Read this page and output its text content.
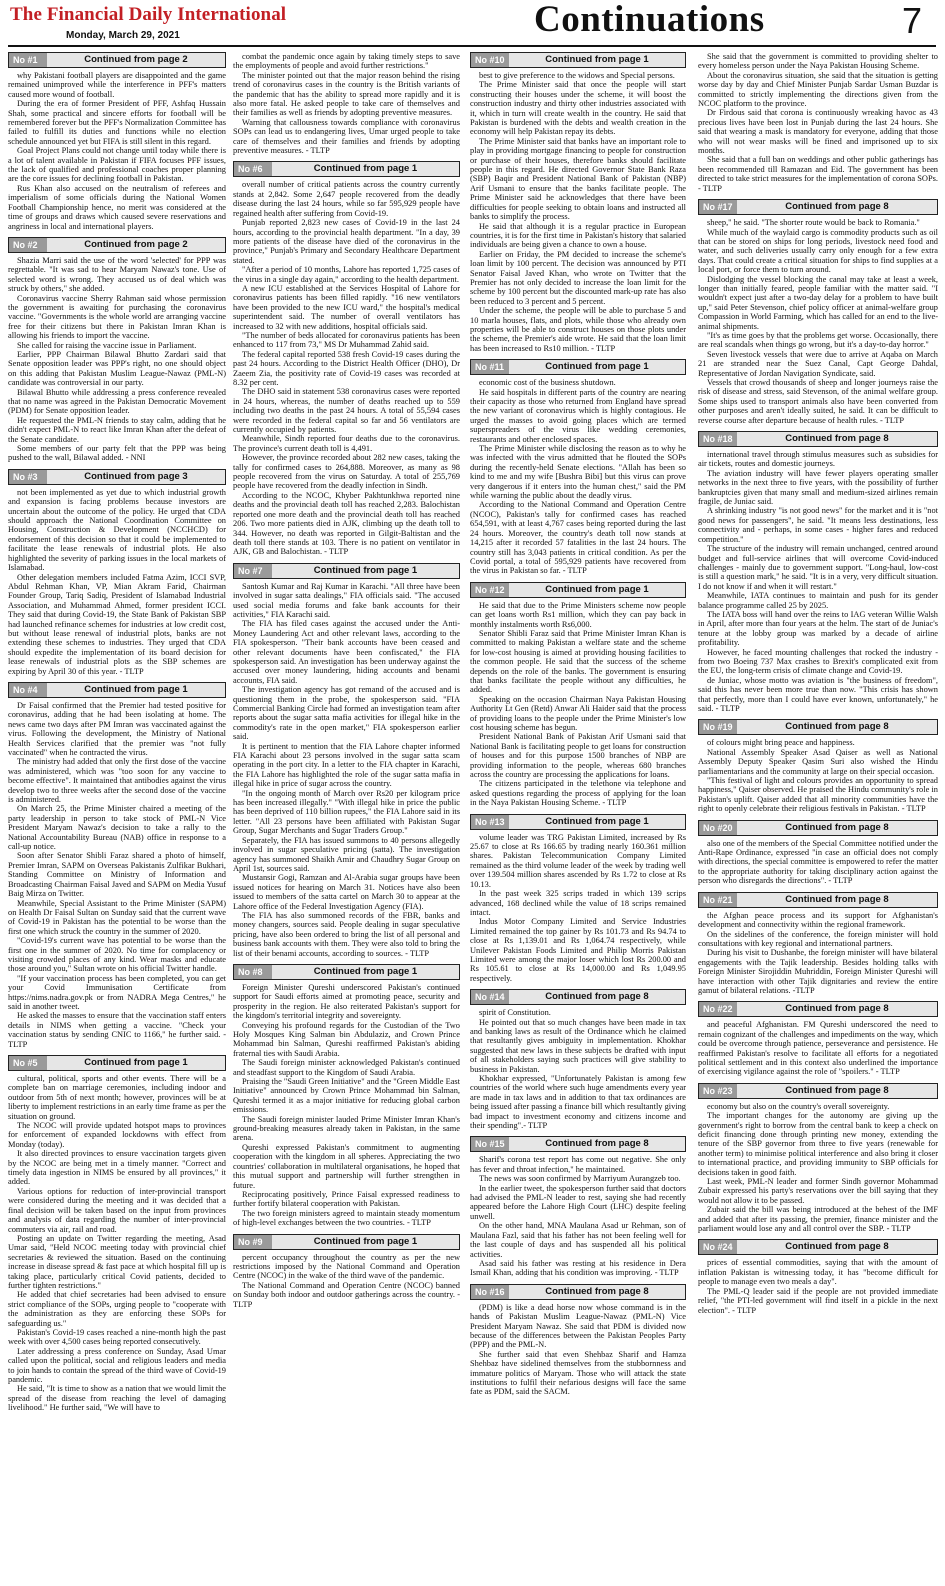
The Financial Daily International
Monday, March 29, 2021	Continuations	7
No #1	Continued from page 2

why Pakistani football players are disappointed and the game remained unimproved while the interference in PFF's matters caused more wound of football.

During the era of former President of PFF, Ashfaq Hussain Shah, some practical and sincere efforts for football will be remembered forever but the PFF's Normalization Committee has failed to fulfill its duties and functions while no election schedule announced yet but FIFA is still silent in this regard.

Goal Project Plans could not change until today while there is a lot of talent available in Pakistan if FIFA focuses PFF issues, the lack of qualified and professional coaches proper planning are the core issues for declining football in Pakistan.

Rus Khan also accused on the neutralism of referees and imperialism of some officials during the National Women Football Championship hence, no merit was considered at the time of groups and draws which caused severe reservations and angriness in local and international players.

No #2	Continued from page 2

Shazia Marri said the use of the word 'selected' for PPP was regrettable. "It was sad to hear Maryam Nawaz's tone. Use of selected word is wrong. They accused us of deal which was struck by others," she added.

Coronavirus vaccine Sherry Rahman said whose permission the government is awaiting for purchasing the coronavirus vaccine. "Governments is the whole world are arranging vaccine free for their citizens but there in Pakistan Imran Khan is allowing his friends to import the vaccine.

She called for raising the vaccine issue in Parliament.

Earlier, PPP Chairman Bilawal Bhutto Zardari said that Senate opposition leader was PPP's right, no one should object on this adding that Pakistan Muslim League-Nawaz (PML-N) candidate was controversial in our party.

Bilawal Bhutto while addressing a press conference revealed that no name was agreed in the Pakistan Democratic Movement (PDM) for Senate opposition leader.

He requested the PML-N friends to stay calm, adding that he didn't expect PML-N to react like Imran Khan after the defeat of the Senate candidate.

Some members of our party felt that the PPP was being pushed to the wall, Bilawal added. - NNI

No #3	Continued from page 3

not been implemented as yet due to which industrial growth and expansion is facing problems because investors are uncertain about the outcome of the policy. He urged that CDA should approach the National Coordination Committee on Housing, Construction & Development (NCCHCD) for endorsement of this decision so that it could be implemented to facilitate the lease renewals of industrial plots. He also highlighted the severity of parking issues in the local markets of Islamabad.

Other delegation members included Fatma Azim, ICCI SVP, Abdul Rehman Khan, VP, Mian Akram Farid, Chairman Founder Group, Tariq Sadiq, President of Islamabad Industrial Association, and Muhammad Ahmed, former president ICCI. They said that during Covid-19, the State Bank of Pakistan SBP had launched refinance schemes for industries at low credit cost, but without lease renewal of industrial plots, banks are not extending these schemes to industries. They urged that CDA should expedite the implementation of its board decision for lease renewals of industrial plots as the SBP schemes are expiring by April 30 of this year. - TLTP

No #4	Continued from page 1

Dr Faisal confirmed that the Premier had tested positive for coronavirus, adding that he had been isolating at home. The news came two days after PM Imran was vaccinated against the virus. Following the development, the Ministry of National Health Services clarified that the premier was "not fully vaccinated" when he contracted the virus.

The ministry had added that only the first dose of the vaccine was administered, which was "too soon for any vaccine to become effective". It maintained that antibodies against the virus develop two to three weeks after the second dose of the vaccine is administered.

On March 25, the Prime Minister chaired a meeting of the party leadership in person to take stock of PML-N Vice President Maryam Nawaz's decision to take a rally to the National Accountability Bureau (NAB) office in response to a call-up notice.

Soon after Senator Shibli Faraz shared a photo of himself, Premier Imran, SAPM on Overseas Pakistanis Zulfikar Bukhari, Standing Committee on Ministry of Information and Broadcasting Chairman Faisal Javed and SAPM on Media Yusuf Baig Mirza on Twitter.

Meanwhile, Special Assistant to the Prime Minister (SAPM) on Health Dr Faisal Sultan on Sunday said that the current wave of Covid-19 in Pakistan has the potential to be worse than the first one which struck the country in the summer of 2020.

"Covid-19's current wave has potential to be worse than the first one in the summer of 2020. No time for complacency or visiting crowded places of any kind. Wear masks and educate those around you," Sultan wrote on his official Twitter handle.

"If your vaccination process has been completed, you can get your Covid Immunisation Certificate from https://nims.nadra.gov.pk or from NADRA Mega Centres," he said in another tweet.

He asked the masses to ensure that the vaccination staff enters details in NIMS when getting a vaccine. "Check your vaccination status by sending CNIC to 1166," he further said. - TLTP

No #5	Continued from page 1

cultural, political, sports and other events. There will be a complete ban on marriage ceremonies, including indoor and outdoor from 5th of next month; however, provinces will be at liberty to implement restrictions in an early time frame as per the situation on ground.

The NCOC will provide updated hotspot maps to provinces for enforcement of expanded lockdowns with effect from Monday (today).

It also directed provinces to ensure vaccination targets given by the NCOC are being met in a timely manner. "Correct and timely data ingestion in NIMS be ensured by all provinces," it added.

Various options for reduction of inter-provincial transport were considered during the meeting and it was decided that a final decision will be taken based on the input from provinces and analysis of data regarding the number of inter-provincial commuters via air, rail and road.

Posting an update on Twitter regarding the meeting, Asad Umar said, "Held NCOC meeting today with provincial chief secretaries & reviewed the situation. Based on the continuing increase in disease spread & fast pace at which hospital fill up is taking place, particularly critical Covid patients, decided to further tighten restrictions."

He added that chief secretaries had been advised to ensure strict compliance of the SOPs, urging people to "cooperate with the administration as they are enforcing these SOPs for safeguarding us."

Pakistan's Covid-19 cases reached a nine-month high the past week with over 4,500 cases being reported consecutively.

Later addressing a press conference on Sunday, Asad Umar called upon the political, social and religious leaders and media to join hands to contain the spread of the third wave of Covid-19 pandemic.

He said, "It is time to show as a nation that we would limit the spread of the disease from reaching the level of damaging livelihood." He further said, "We will have to

combat the pandemic once again by taking timely steps to save the employments of people and avoid further restrictions."

The minister pointed out that the major reason behind the rising trend of coronavirus cases in the country is the British variants of the pandemic that has the ability to spread more rapidly and it is also more fatal. He asked people to take care of themselves and their families as well as friends by adopting preventive measures.

Warning that callousness towards compliance with coronavirus SOPs can lead us to endangering lives, Umar urged people to take care of themselves and their families and friends by adopting preventive measures. - TLTP

No #6	Continued from page 1

overall number of critical patients across the country currently stands at 2,842. Some 2,647 people recovered from the deadly disease during the last 24 hours, while so far 595,929 people have regained health after suffering from Covid-19.

Punjab reported 2,823 new cases of Covid-19 in the last 24 hours, according to the provincial health department. "In a day, 39 more patients of the disease have died of the coronavirus in the province," Punjab's Primary and Secondary Healthcare Department stated.

"After a period of 10 months, Lahore has reported 1,725 cases of the virus in a single day again," according to the health department.

A new ICU established at the Services Hospital of Lahore for coronavirus patients has been filled rapidly. "16 new ventilators have been provided to the new ICU ward," the hospital's medical superintendent said. The number of overall ventilators has increased to 32 with new additions, hospital officials said.

"The number of beds allocated for coronavirus patients has been enhanced to 117 from 73," MS Dr Muhammad Zahid said.

The federal capital reported 538 fresh Covid-19 cases during the past 24 hours. According to the District Health Officer (DHO), Dr Zaeem Zia, the positivity rate of Covid-19 cases was recorded at 8.32 per cent.

The DHO said in statement 538 coronavirus cases were reported in 24 hours, whereas, the number of deaths reached up to 559 including two deaths in the past 24 hours. A total of 55,594 cases were recorded in the federal capital so far and 56 ventilators are currently occupied by patients.

Meanwhile, Sindh reported four deaths due to the coronavirus. The province's current death toll is 4,491.

However, the province recorded about 282 new cases, taking the tally for confirmed cases to 264,888. Moreover, as many as 98 people recovered from the virus on Saturday. A total of 255,769 people have recovered from the deadly infection in Sindh.

According to the NCOC, Khyber Pakhtunkhwa reported nine deaths and the provincial death toll has reached 2,283. Balochistan reported one more death and the provincial death toll has reached 206. Two more patients died in AJK, climbing up the death toll to 344. However, no death was reported in Gilgit-Baltistan and the death toll there stands at 103. There is no patient on ventilator in AJK, GB and Balochistan. - TLTP

No #7	Continued from page 1

Santosh Kumar and Raj Kumar in Karachi. "All three have been involved in sugar satta dealings," FIA officials said. "The accused used social media forums and fake bank accounts for their activities," FIA Karachi said.

The FIA has filed cases against the accused under the Anti-Money Laundering Act and other relevant laws, according to the FIA spokesperson. "Their bank accounts have been ceased and other relevant documents have been confiscated," the FIA spokesperson said. An investigation has been underway against the accused over money laundering, hiding accounts and benami accounts, FIA said.

The investigation agency has got remand of the accused and is questioning them in the probe, the spokesperson said. "FIA Commercial Banking Circle had formed an investigation team after reports about the sugar satta mafia activities for illegal hike in the commodity's rate in the open market," FIA spokesperson earlier said.

It is pertinent to mention that the FIA Lahore chapter informed FIA Karachi about 23 persons involved in the sugar satta scam operating in the port city. In a letter to the FIA chapter in Karachi, the FIA Lahore has highlighted the role of the sugar satta mafia in illegal hike in price of sugar across the country.

"In the ongoing month of March over Rs20 per kilogram price has been increased illegally." "With illegal hike in price the public has been deprived of 110 billion rupees," the FIA Lahore said in its letter. "All 23 persons have been affiliated with Pakistan Sugar Group, Sugar Merchants and Sugar Traders Group."

Separately, the FIA has issued summons to 40 persons allegedly involved in sugar speculative pricing (satta). The investigation agency has summoned Shaikh Amir and Chaudhry Sugar Group on April 1st, sources said.

Mustansir Gogi, Ramzan and Al-Arabia sugar groups have been issued notices for hearing on March 31. Notices have also been issued to members of the satta cartel on March 30 to appear at the Lahore office of the Federal Investigation Agency (FIA).

The FIA has also summoned records of the FBR, banks and money changers, sources said. People dealing in sugar speculative pricing, have also been ordered to bring the list of all personal and business bank accounts with them. They were also told to bring the list of their benami accounts, according to sources. - TLTP

No #8	Continued from page 1

Foreign Minister Qureshi underscored Pakistan's continued support for Saudi efforts aimed at promoting peace, security and prosperity in the region. He also reiterated Pakistan's support for the kingdom's territorial integrity and sovereignty.

Conveying his profound regards for the Custodian of the Two Holy Mosques King Salman bin Abdulaziz, and Crown Prince Mohammad bin Salman, Qureshi reaffirmed Pakistan's abiding fraternal ties with Saudi Arabia.

The Saudi foreign minister acknowledged Pakistan's continued and steadfast support to the Kingdom of Saudi Arabia.

Praising the "Saudi Green Initiative" and the "Green Middle East Initiative" announced by Crown Prince Mohammad bin Salman, Qureshi termed it as a major initiative for reducing global carbon emissions.

The Saudi foreign minister lauded Prime Minister Imran Khan's ground-breaking measures already taken in Pakistan, in the same arena.

Qureshi expressed Pakistan's commitment to augmenting cooperation with the kingdom in all spheres. Appreciating the two countries' collaboration in multilateral organisations, he hoped that this mutual support and partnership will further strengthen in future.

Reciprocating positively, Prince Faisal expressed readiness to further fortify bilateral cooperation with Pakistan.

The two foreign ministers agreed to maintain steady momentum of high-level exchanges between the two countries. - TLTP

No #9	Continued from page 1

percent occupancy throughout the country as per the new restrictions imposed by the National Command and Operation Centre (NCOC) in the wake of the third wave of the pandemic.

The National Command and Operation Centre (NCOC) banned on Sunday both indoor and outdoor gatherings across the country. - TLTP

No #10	Continued from page 1

best to give preference to the widows and Special persons.

The Prime Minister said that once the people will start constructing their houses under the scheme, it will boost the construction industry and thirty other industries associated with it, which in turn will create wealth in the country. He said that Pakistan is burdened with the debts and wealth creation in the economy will help Pakistan repay its debts.

The Prime Minister said that banks have an important role to play in providing mortgage financing to people for construction or purchase of their houses, therefore banks should facilitate people in this regard. He directed Governor State Bank Raza (SBP) Baqir and President National Bank of Pakistan (NBP) Arif Usmani to ensure that the banks facilitate people. The Prime Minister said he acknowledges that there have been difficulties for people seeking to obtain loans and instructed all banks to simplify the process.

He said that although it is a regular practice in European countries, it is for the first time in Pakistan's history that salaried individuals are being given a chance to own a house.

Earlier on Friday, the PM decided to increase the scheme's loan limit by 100 percent. The decision was announced by PTI Senator Faisal Javed Khan, who wrote on Twitter that the Premier has not only decided to increase the loan limit for the scheme by 100 percent but the discounted mark-up rate has also been reduced to 3 percent and 5 percent.

Under the scheme, the people will be able to purchase 5 and 10 marla houses, flats, and plots, while those who already own properties will be able to construct houses on those plots under the scheme, the Premier's aide wrote. He said that the loan limit has been increased to Rs10 million. - TLTP

No #11	Continued from page 1

economic cost of the business shutdown.

He said hospitals in different parts of the country are nearing their capacity as those who returned from England have spread the new variant of coronavirus which is highly contagious. He urged the masses to avoid going places which are termed superspreaders of the virus like wedding ceremonies, restaurants and other enclosed spaces.

The Prime Minister while disclosing the reason as to why he was infected with the virus admitted that he flouted the SOPs during the recently-held Senate elections. "Allah has been so kind to me and my wife [Bushra Bibi] but this virus can prove very dangerous if it enters into the human chest," said the PM while warning the public about the deadly virus.

According to the National Command and Operation Centre (NCOC), Pakistan's tally for confirmed cases has reached 654,591, with at least 4,767 cases being reported during the last 24 hours. Moreover, the country's death toll now stands at 14,215 after it recorded 57 fatalities in the last 24 hours. The country still has 3,043 patients in critical condition. As per the Covid portal, a total of 595,929 patients have recovered from the virus in Pakistan so far. - TLTP

No #12	Continued from page 1

He said that due to the Prime Ministers scheme now people can get loans worth Rs1 million, which they can pay back in monthly instalments worth Rs6,000.

Senator Shibli Faraz said that Prime Minister Imran Khan is committed to making Pakistan a welfare state and the scheme for low-cost housing is aimed at providing housing facilities to the common people. He said that the success of the scheme depends on the role of the banks. The government is ensuring that banks facilitate the people without any difficulties, he added.

Speaking on the occasion Chairman Naya Pakistan Housing Authority Lt Gen (Retd) Anwar Ali Haider said that the process of providing loans to the people under the Prime Minister's low cost housing scheme has begun.

President National Bank of Pakistan Arif Usmani said that National Bank is facilitating people to get loans for construction of houses and for this purpose 1500 branches of NBP are providing information to the people, whereas 680 branches across the country are processing the applications for loans.

The citizens participated in the telethone via telephone and asked questions regarding the process of applying for the loan in the Naya Pakistan Housing Scheme. - TLTP

No #13	Continued from page 1

volume leader was TRG Pakistan Limited, increased by Rs 25.67 to close at Rs 166.65 by trading nearly 160.361 million shares. Pakistan Telecommunication Company Limited remained as the third volume leader of the week by trading well over 139.504 million shares ascended by Rs 1.72 to close at Rs 10.13.

In the past week 325 scrips traded in which 139 scrips advanced, 168 declined while the value of 18 scrips remained intact.

Indus Motor Company Limited and Service Industries Limited remained the top gainer by Rs 101.73 and Rs 94.74 to close at Rs 1,139.01 and Rs 1,064.74 respectively, while Unilever Pakistan Foods Limited and Philip Morris Pakistan Limited were among the major loser which lost Rs 200.00 and Rs 105.61 to close at Rs 14,000.00 and Rs 1,049.95 respectively.

No #14	Continued from page 8

spirit of Constitution.

He pointed out that so much changes have been made in tax and banking laws as result of the Ordinance which he claimed that resultantly gives ambiguity in implementation. Khokhar suggested that new laws in these subjects be drafted with input of all stakeholders saying such practices will give stability to business in Pakistan.

Khokhar expressed, "Unfortunately Pakistan is among few countries of the world where such huge amendments every year are made in tax laws and in addition to that tax ordinances are being issued after passing a finance bill which resultantly giving bad impact to investment economy and citizens income and their spending".- TLTP

No #15	Continued from page 8

Sharif's corona test report has come out negative. She only has fever and throat infection," he maintained.

The news was soon confirmed by Marriyum Aurangzeb too.

In the earlier tweet, the spokesperson further said that doctors had advised the PML-N leader to rest, saying she had recently appeared before the Lahore High Court (LHC) despite feeling unwell.

On the other hand, MNA Maulana Asad ur Rehman, son of Maulana Fazl, said that his father has not been feeling well for the last couple of days and has suspended all his political activities.

Asad said his father was resting at his residence in Dera Ismail Khan, adding that his condition was improving. - TLTP

No #16	Continued from page 8

(PDM) is like a dead horse now whose command is in the hands of Pakistan Muslim League-Nawaz (PML-N) Vice President Maryam Nawaz. She said that PDM is divided now because of the differences between the Pakistan Peoples Party (PPP) and the PML-N.

She further said that even Shehbaz Sharif and Hamza Shehbaz have sidelined themselves from the stubbornness and immature politics of Maryam. Those who will attack the state institutions to fulfil their nefarious designs will face the same fate as PDM, said the SACM.

She said that the government is committed to providing shelter to every homeless person under the Naya Pakistan Housing Scheme.

About the coronavirus situation, she said that the situation is getting worse day by day and Chief Minister Punjab Sardar Usman Buzdar is committed to strictly implementing the directions given from the NCOC platform to the province.

Dr Firdous said that corona is continuously wreaking havoc as 43 precious lives have been lost in Punjab during the last 24 hours. She said that wearing a mask is mandatory for everyone, adding that those who will not wear masks will be fined and imprisoned up to six months.

She said that a full ban on weddings and other public gatherings has been recommended till Ramazan and Eid. The government has been directed to take strict measures for the implementation of corona SOPs. - TLTP

No #17	Continued from page 8

sheep," he said. "The shorter route would be back to Romania."

While much of the waylaid cargo is commodity products such as oil that can be stored on ships for long periods, livestock need food and water, and such deliveries usually carry only enough for a few extra days. That could create a critical situation for ships to find supplies at a local port, or force them to turn around.

Dislodging the vessel blocking the canal may take at least a week, longer than initially feared, people familiar with the matter said. "I wouldn't expect just after a two-day delay for a problem to have built up," said Peter Stevenson, chief policy officer at animal-welfare group Compassion in World Farming, which has called for an end to the live-animal shipments.

"It's as time goes by that the problems get worse. Occasionally, there are real scandals when things go wrong, but it's a day-to-day horror."

Seven livestock vessels that were due to arrive at Aqaba on March 21 are stranded near the Suez Canal, Capt George Dahdal, Representative of Jordan Navigation Syndicate, said.

Vessels that crowd thousands of sheep and longer journeys raise the risk of disease and stress, said Stevenson, of the animal welfare group. Some ships used to transport animals also have been converted from other purposes and aren't ideally suited, he said. It can be difficult to reverse course after departure because of health rules. - TLTP

No #18	Continued from page 8

international travel through stimulus measures such as subsidies for air tickets, routes and domestic journeys.

The aviation industry will have fewer players operating smaller networks in the next three to five years, with the possibility of further bankruptcies given that many small and medium-sized airlines remain fragile, de Juniac said.

A shrinking industry "is not good news" for the market and it is "not good news for passengers", he said. "It means less destinations, less connectivity and - perhaps, in some cases - higher fares and reduced competition."

The structure of the industry will remain unchanged, centred around budget and full-service airlines that will overcome Covid-induced challenges - mainly due to government support. "Long-haul, low-cost is still a question mark," he said. "It is in a very, very difficult situation. I do not know if and when it will restart."

Meanwhile, IATA continues to maintain and push for its gender balance programme called 25 by 2025.

The IATA boss will hand over the reins to IAG veteran Willie Walsh in April, after more than four years at the helm. The start of de Juniac's tenure at the lobby group was marked by a decade of airline profitability.

However, he faced mounting challenges that rocked the industry - from two Boeing 737 Max crashes to Brexit's complicated exit from the EU, the long-term crisis of climate change and Covid-19.

de Juniac, whose motto was aviation is "the business of freedom", said this has never been more true than now. "This crisis has shown that perfectly, more than I could have ever known, unfortunately," he said. - TLTP

No #19	Continued from page 8

of colours might bring peace and happiness.

National Assembly Speaker Asad Qaiser as well as National Assembly Deputy Speaker Qasim Suri also wished the Hindu parliamentarians and the community at large on their special occasion.

"This festival of light and colours provides an opportunity to spread happiness," Qaiser observed. He praised the Hindu community's role in Pakistan's uplift. Qaiser added that all minority communities have the right to openly celebrate their religious festivals in Pakistan. - TLTP

No #20	Continued from page 8

also one of the members of the Special Committee notified under the Anti-Rape Ordinance, expressed "in case an official does not comply with directions, the special committee is empowered to refer the matter to the appropriate authority for taking disciplinary action against the person who disregards the directions". - TLTP

No #21	Continued from page 8

the Afghan peace process and its support for Afghanistan's development and connectivity within the regional framework.

On the sidelines of the conference, the foreign minister will hold consultations with key regional and international partners.

During his visit to Dushanbe, the foreign minister will have bilateral engagements with the Tajik leadership. Besides holding talks with Foreign Minister Sirojiddin Muhriddin, Foreign Minister Qureshi will have interaction with other Tajik dignitaries and review the entire gamut of bilateral relations. -TLTP

No #22	Continued from page 8

and peaceful Afghanistan. FM Qureshi underscored the need to remain cognizant of the challenges and impediments on the way, which could be overcome through patience, perseverance and persistence. He reaffirmed Pakistan's resolve to facilitate all efforts for a negotiated political settlement and in this context also underlined the importance of exercising vigilance against the role of "spoilers." - TLTP

No #23	Continued from page 8

economy but also on the country's overall sovereignty.

The important changes for the autonomy are giving up the government's right to borrow from the central bank to keep a check on deficit financing done through printing new money, extending the tenure of the SBP governor from three to five years (renewable for another term) to minimise political interference and also bring it closer to international practice, and providing immunity to SBP officials for decisions taken in good faith.

Last week, PML-N leader and former Sindh governor Mohammad Zubair expressed his party's reservations over the bill saying that they would not allow it to be passed.

Zubair said the bill was being introduced at the behest of the IMF and added that after its passing, the premier, finance minister and the parliament would lose any and all control over the SBP. - TLTP

No #24	Continued from page 8

prices of essential commodities, saying that with the amount of inflation Pakistan is witnessing today, it has "become difficult for people to manage even two meals a day".

The PML-Q leader said if the people are not provided immediate relief, "the PTI-led government will find itself in a pickle in the next election". - TLTP
